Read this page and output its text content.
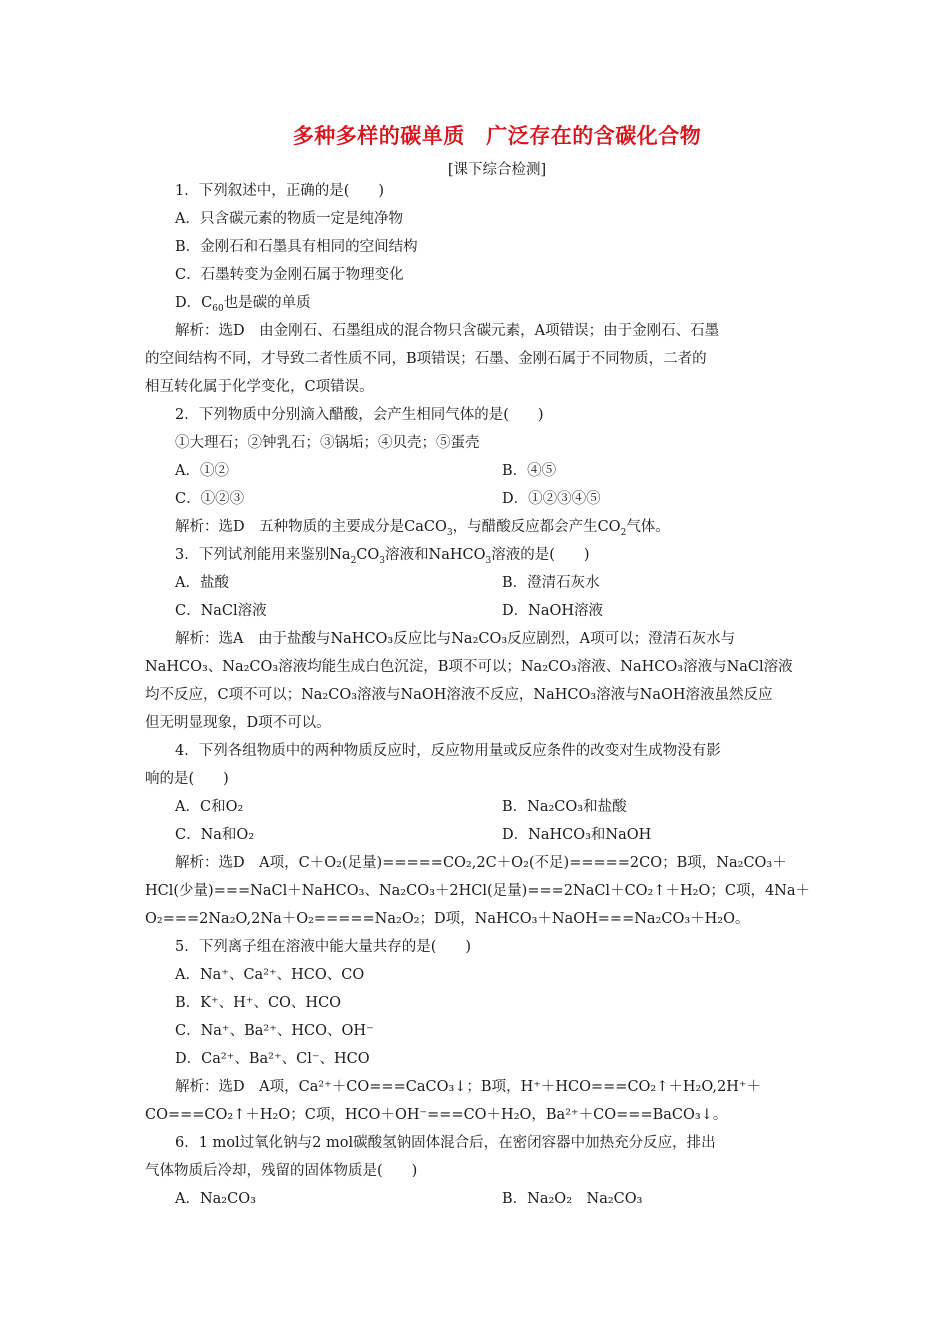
多种多样的碳单质　广泛存在的含碳化合物
[课下综合检测]
1．下列叙述中，正确的是(　　)
A．只含碳元素的物质一定是纯净物
B．金刚石和石墨具有相同的空间结构
C．石墨转变为金刚石属于物理变化
D．$C_{60}$也是碳的单质
解析：选D　由金刚石、石墨组成的混合物只含碳元素，A项错误；由于金刚石、石墨
的空间结构不同，才导致二者性质不同，B项错误；石墨、金刚石属于不同物质，二者的
相互转化属于化学变化，C项错误。
2．下列物质中分别滴入醋酸，会产生相同气体的是(　　)
①大理石；②钟乳石；③锅垢；④贝壳；⑤蛋壳
A．①②	B．④⑤
C．①②③	D．①②③④⑤
解析：选D　五种物质的主要成分是CaCO$_3$，与醋酸反应都会产生$CO_2$气体。
3．下列试剂能用来鉴别$Na_2CO_3$溶液和NaHCO$_3$溶液的是(　　)
A．盐酸	B．澄清石灰水
C．NaCl溶液	D．NaOH溶液
解析：选A　由于盐酸与NaHCO₃反应比与Na₂CO₃反应剧烈，A项可以；澄清石灰水与
NaHCO₃、Na₂CO₃溶液均能生成白色沉淀，B项不可以；Na₂CO₃溶液、NaHCO₃溶液与NaCl溶液
均不反应，C项不可以；Na₂CO₃溶液与NaOH溶液不反应，NaHCO₃溶液与NaOH溶液虽然反应
但无明显现象，D项不可以。
4．下列各组物质中的两种物质反应时，反应物用量或反应条件的改变对生成物没有影
响的是(　　)
A．C和O₂	B．Na₂CO₃和盐酸
C．Na和O₂	D．NaHCO₃和NaOH
解析：选D　A项，C＋O₂(足量)=====CO₂,2C＋O₂(不足)=====2CO；B项，Na₂CO₃＋
HCl(少量)===NaCl＋NaHCO₃、Na₂CO₃＋2HCl(足量)===2NaCl＋CO₂↑＋H₂O；C项，4Na＋
O₂===2Na₂O,2Na＋O₂=====Na₂O₂；D项，NaHCO₃＋NaOH===Na₂CO₃＋H₂O。
5．下列离子组在溶液中能大量共存的是(　　)
A．Na⁺、Ca²⁺、HCO、CO
B．K⁺、H⁺、CO、HCO
C．Na⁺、Ba²⁺、HCO、OH⁻
D．Ca²⁺、Ba²⁺、Cl⁻、HCO
解析：选D　A项，Ca²⁺＋CO===CaCO₃↓；B项，H⁺＋HCO===CO₂↑＋H₂O,2H⁺＋
CO===CO₂↑＋H₂O；C项，HCO＋OH⁻===CO＋H₂O，Ba²⁺＋CO===BaCO₃↓。
6．1 mol过氧化钠与2 mol碳酸氢钠固体混合后，在密闭容器中加热充分反应，排出
气体物质后冷却，残留的固体物质是(　　)
A．Na₂CO₃	B．Na₂O₂　Na₂CO₃
